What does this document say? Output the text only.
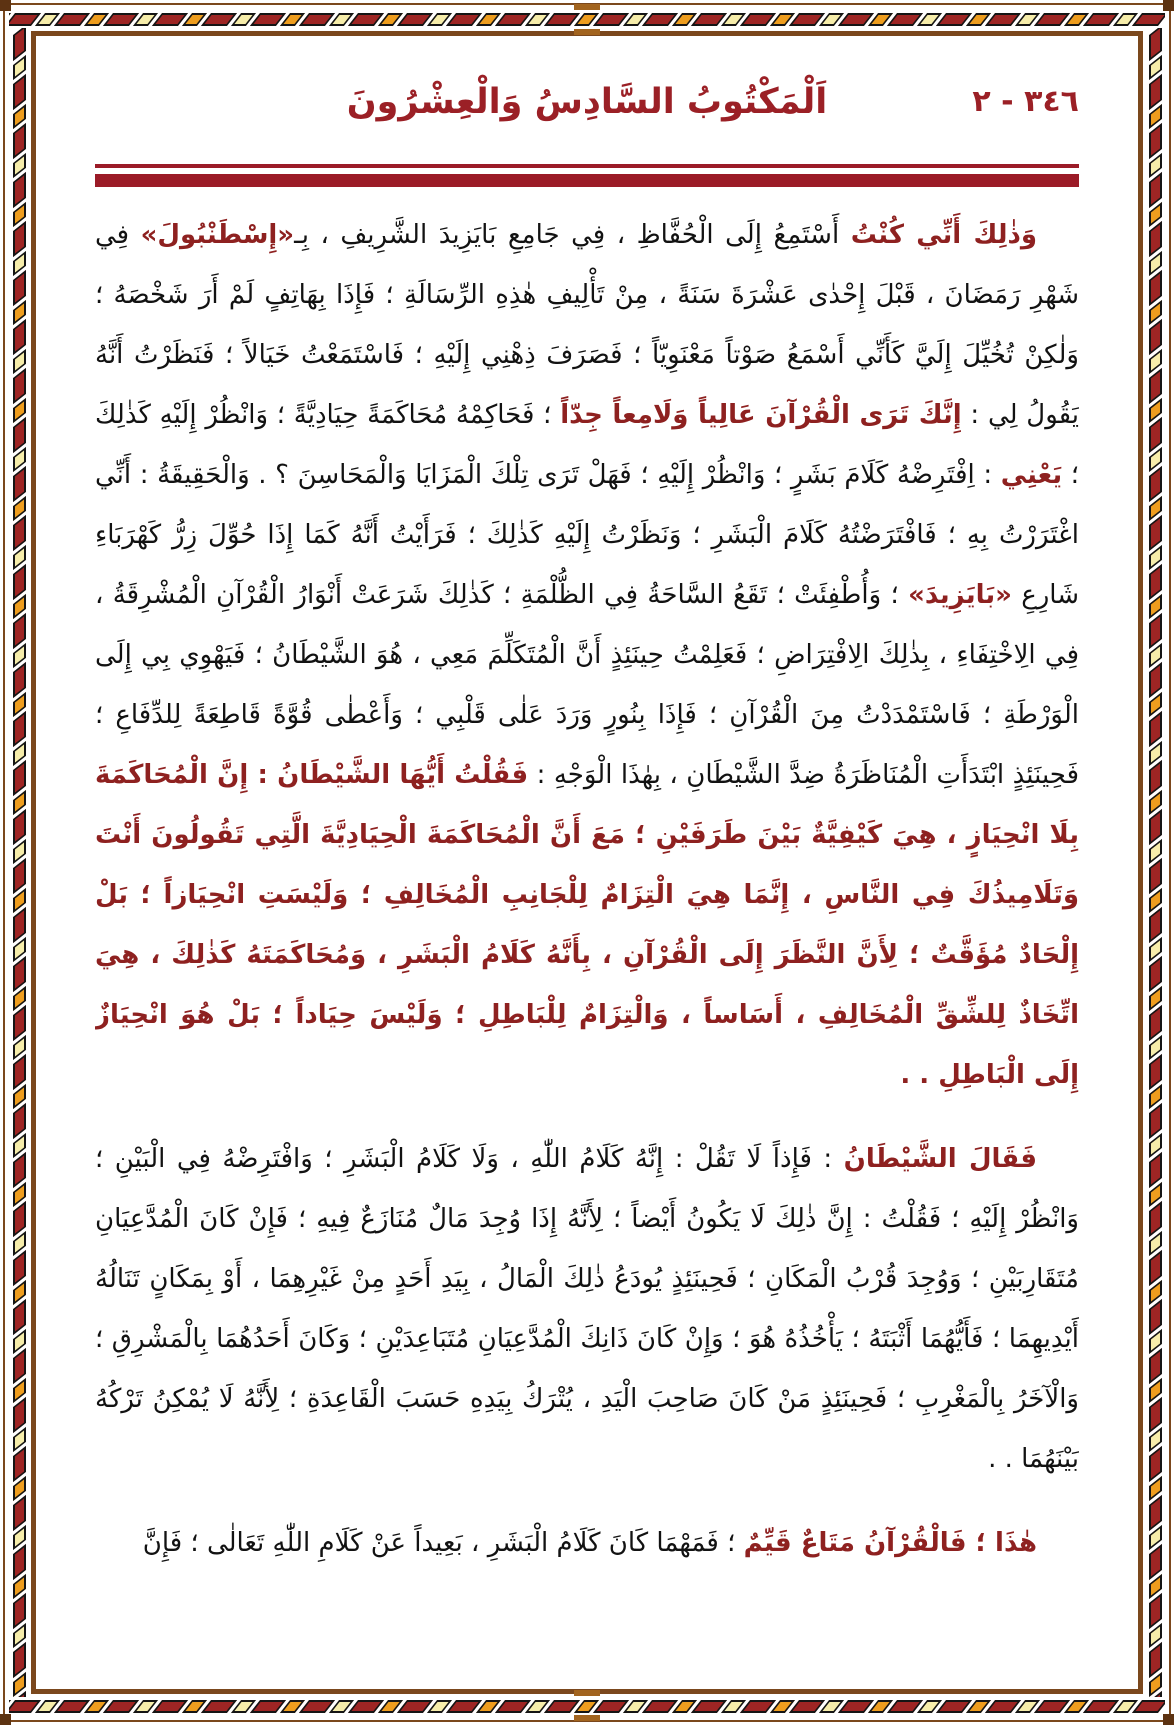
اَلْمَكْتُوبُ السَّادِسُ وَالْعِشْرُونَ	٣٤٦ - ٢

وَذٰلِكَ أَنِّي كُنْتُ أَسْتَمِعُ إِلَى الْحُفَّاظِ ، فِي جَامِعِ بَايَزِيدَ الشَّرِيفِ ، بِـ«إِسْطَنْبُولَ» فِي شَهْرِ رَمَضَانَ ، قَبْلَ إِحْدٰى عَشْرَةَ سَنَةً ، مِنْ تَأْلِيفِ هٰذِهِ الرِّسَالَةِ ؛ فَإِذَا بِهَاتِفٍ لَمْ أَرَ شَخْصَهُ ؛ وَلٰكِنْ تُخُيِّلَ إِلَيَّ كَأَنِّي أَسْمَعُ صَوْتاً مَعْنَوِيّاً ؛ فَصَرَفَ ذِهْنِي إِلَيْهِ ؛ فَاسْتَمَعْتُ خَيَالاً ؛ فَنَظَرْتُ أَنَّهُ يَقُولُ لِي : إِنَّكَ تَرَى الْقُرْآنَ عَالِياً وَلَامِعاً جِدّاً ؛ فَحَاكِمْهُ مُحَاكَمَةً حِيَادِيَّةً ؛ وَانْظُرْ إِلَيْهِ كَذٰلِكَ ؛ يَعْنِي : اِفْتَرِضْهُ كَلَامَ بَشَرٍ ؛ وَانْظُرْ إِلَيْهِ ؛ فَهَلْ تَرَى تِلْكَ الْمَزَايَا وَالْمَحَاسِنَ ؟ . وَالْحَقِيقَةُ : أَنِّي اغْتَرَرْتُ بِهِ ؛ فَافْتَرَضْتُهُ كَلَامَ الْبَشَرِ ؛ وَنَظَرْتُ إِلَيْهِ كَذٰلِكَ ؛ فَرَأَيْتُ أَنَّهُ كَمَا إِذَا حُوِّلَ زِرُّ كَهْرَبَاءِ شَارِعِ «بَايَزِيدَ» ؛ وَأُطْفِئَتْ ؛ تَقَعُ السَّاحَةُ فِي الظُّلْمَةِ ؛ كَذٰلِكَ شَرَعَتْ أَنْوَارُ الْقُرْآنِ الْمُشْرِقَةُ ، فِي الِاخْتِفَاءِ ، بِذٰلِكَ الِافْتِرَاضِ ؛ فَعَلِمْتُ حِينَئِذٍ أَنَّ الْمُتَكَلِّمَ مَعِي ، هُوَ الشَّيْطَانُ ؛ فَيَهْوِي بِي إِلَى الْوَرْطَةِ ؛ فَاسْتَمْدَدْتُ مِنَ الْقُرْآنِ ؛ فَإِذَا بِنُورٍ وَرَدَ عَلٰى قَلْبِي ؛ وَأَعْطٰى قُوَّةً قَاطِعَةً لِلدِّفَاعِ ؛ فَحِينَئِذٍ ابْتَدَأَتِ الْمُنَاظَرَةُ ضِدَّ الشَّيْطَانِ ، بِهٰذَا الْوَجْهِ : فَقُلْتُ أَيُّهَا الشَّيْطَانُ : إِنَّ الْمُحَاكَمَةَ بِلَا انْحِيَازٍ ، هِيَ كَيْفِيَّةٌ بَيْنَ طَرَفَيْنِ ؛ مَعَ أَنَّ الْمُحَاكَمَةَ الْحِيَادِيَّةَ الَّتِي تَقُولُونَ أَنْتَ وَتَلَامِيذُكَ فِي النَّاسِ ، إِنَّمَا هِيَ الْتِزَامٌ لِلْجَانِبِ الْمُخَالِفِ ؛ وَلَيْسَتِ انْحِيَازاً ؛ بَلْ إِلْحَادٌ مُؤَقَّتٌ ؛ لِأَنَّ النَّظَرَ إِلَى الْقُرْآنِ ، بِأَنَّهُ كَلَامُ الْبَشَرِ ، وَمُحَاكَمَتَهُ كَذٰلِكَ ، هِيَ اتِّخَاذٌ لِلشِّقِّ الْمُخَالِفِ ، أَسَاساً ، وَالْتِزَامٌ لِلْبَاطِلِ ؛ وَلَيْسَ حِيَاداً ؛ بَلْ هُوَ انْحِيَازٌ إِلَى الْبَاطِلِ . .

فَقَالَ الشَّيْطَانُ : فَإِذاً لَا تَقُلْ : إِنَّهُ كَلَامُ اللّٰهِ ، وَلَا كَلَامُ الْبَشَرِ ؛ وَافْتَرِضْهُ فِي الْبَيْنِ ؛ وَانْظُرْ إِلَيْهِ ؛ فَقُلْتُ : إِنَّ ذٰلِكَ لَا يَكُونُ أَيْضاً ؛ لِأَنَّهُ إِذَا وُجِدَ مَالٌ مُنَازَعٌ فِيهِ ؛ فَإِنْ كَانَ الْمُدَّعِيَانِ مُتَقَارِبَيْنِ ؛ وَوُجِدَ قُرْبُ الْمَكَانِ ؛ فَحِينَئِذٍ يُودَعُ ذٰلِكَ الْمَالُ ، بِيَدِ أَحَدٍ مِنْ غَيْرِهِمَا ، أَوْ بِمَكَانٍ تَنَالُهُ أَيْدِيهِمَا ؛ فَأَيُّهُمَا أَثْبَتَهُ ؛ يَأْخُذُهُ هُوَ ؛ وَإِنْ كَانَ ذَانِكَ الْمُدَّعِيَانِ مُتَبَاعِدَيْنِ ؛ وَكَانَ أَحَدُهُمَا بِالْمَشْرِقِ ؛ وَالْآخَرُ بِالْمَغْرِبِ ؛ فَحِينَئِذٍ مَنْ كَانَ صَاحِبَ الْيَدِ ، يُتْرَكُ بِيَدِهِ حَسَبَ الْقَاعِدَةِ ؛ لِأَنَّهُ لَا يُمْكِنُ تَرْكُهُ بَيْنَهُمَا . .

هٰذَا ؛ فَالْقُرْآنُ مَتَاعٌ قَيِّمٌ ؛ فَمَهْمَا كَانَ كَلَامُ الْبَشَرِ ، بَعِيداً عَنْ كَلَامِ اللّٰهِ تَعَالٰى ؛ فَإِنَّ
